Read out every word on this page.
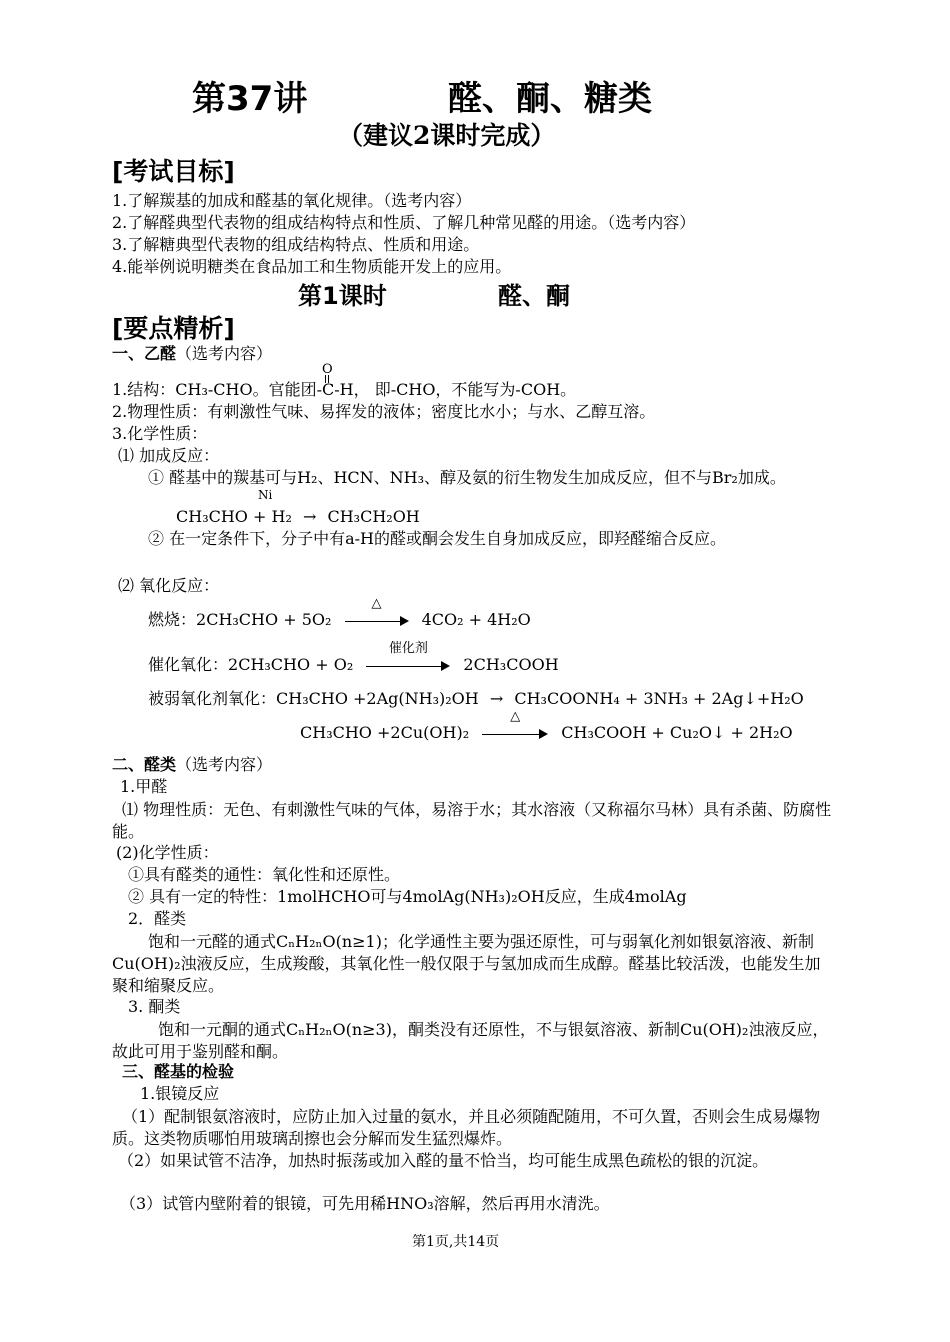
第37讲	醛、酮、糖类
（建议2课时完成）
[考试目标]
1.了解羰基的加成和醛基的氧化规律。（选考内容）
2.了解醛典型代表物的组成结构特点和性质、了解几种常见醛的用途。（选考内容）
3.了解糖典型代表物的组成结构特点、性质和用途。
4.能举例说明糖类在食品加工和生物质能开发上的应用。
第1课时	醛、酮
[要点精析]
一、乙醛（选考内容）
1.结构：CH₃-CHO。官能团-C
O
-H， 即-CHO，不能写为-COH。
2.物理性质：有刺激性气味、易挥发的液体；密度比水小；与水、乙醇互溶。
3.化学性质：
⑴ 加成反应：
① 醛基中的羰基可与H₂、HCN、NH₃、醇及氨的衍生物发生加成反应，但不与Br₂加成。
Ni
CH₃CHO + H₂ → CH₃CH₂OH
② 在一定条件下，分子中有a-H的醛或酮会发生自身加成反应，即羟醛缩合反应。
⑵ 氧化反应：
燃烧：2CH₃CHO + 5O₂
△
4CO₂ + 4H₂O
催化氧化：2CH₃CHO + O₂
催化剂
2CH₃COOH
被弱氧化剂氧化：CH₃CHO +2Ag(NH₃)₂OH → CH₃COONH₄ + 3NH₃ + 2Ag↓+H₂O
CH₃CHO +2Cu(OH)₂
△
CH₃COOH + Cu₂O↓ + 2H₂O
二、醛类（选考内容）
1.甲醛
⑴ 物理性质：无色、有刺激性气味的气体，易溶于水；其水溶液（又称福尔马林）具有杀菌、防腐性能。
(2)化学性质：
①具有醛类的通性：氧化性和还原性。
② 具有一定的特性：1molHCHO可与4molAg(NH₃)₂OH反应，生成4molAg
2．醛类
饱和一元醛的通式CₙH₂ₙO(n≥1)；化学通性主要为强还原性，可与弱氧化剂如银氨溶液、新制Cu(OH)₂浊液反应，生成羧酸，其氧化性一般仅限于与氢加成而生成醇。醛基比较活泼，也能发生加聚和缩聚反应。
3. 酮类
饱和一元酮的通式CₙH₂ₙO(n≥3)，酮类没有还原性，不与银氨溶液、新制Cu(OH)₂浊液反应，故此可用于鉴别醛和酮。
三、醛基的检验
1.银镜反应
（1）配制银氨溶液时，应防止加入过量的氨水，并且必须随配随用，不可久置，否则会生成易爆物质。这类物质哪怕用玻璃刮擦也会分解而发生猛烈爆炸。
（2）如果试管不洁净，加热时振荡或加入醛的量不恰当，均可能生成黑色疏松的银的沉淀。
（3）试管内壁附着的银镜，可先用稀HNO₃溶解，然后再用水清洗。
第1页,共14页
